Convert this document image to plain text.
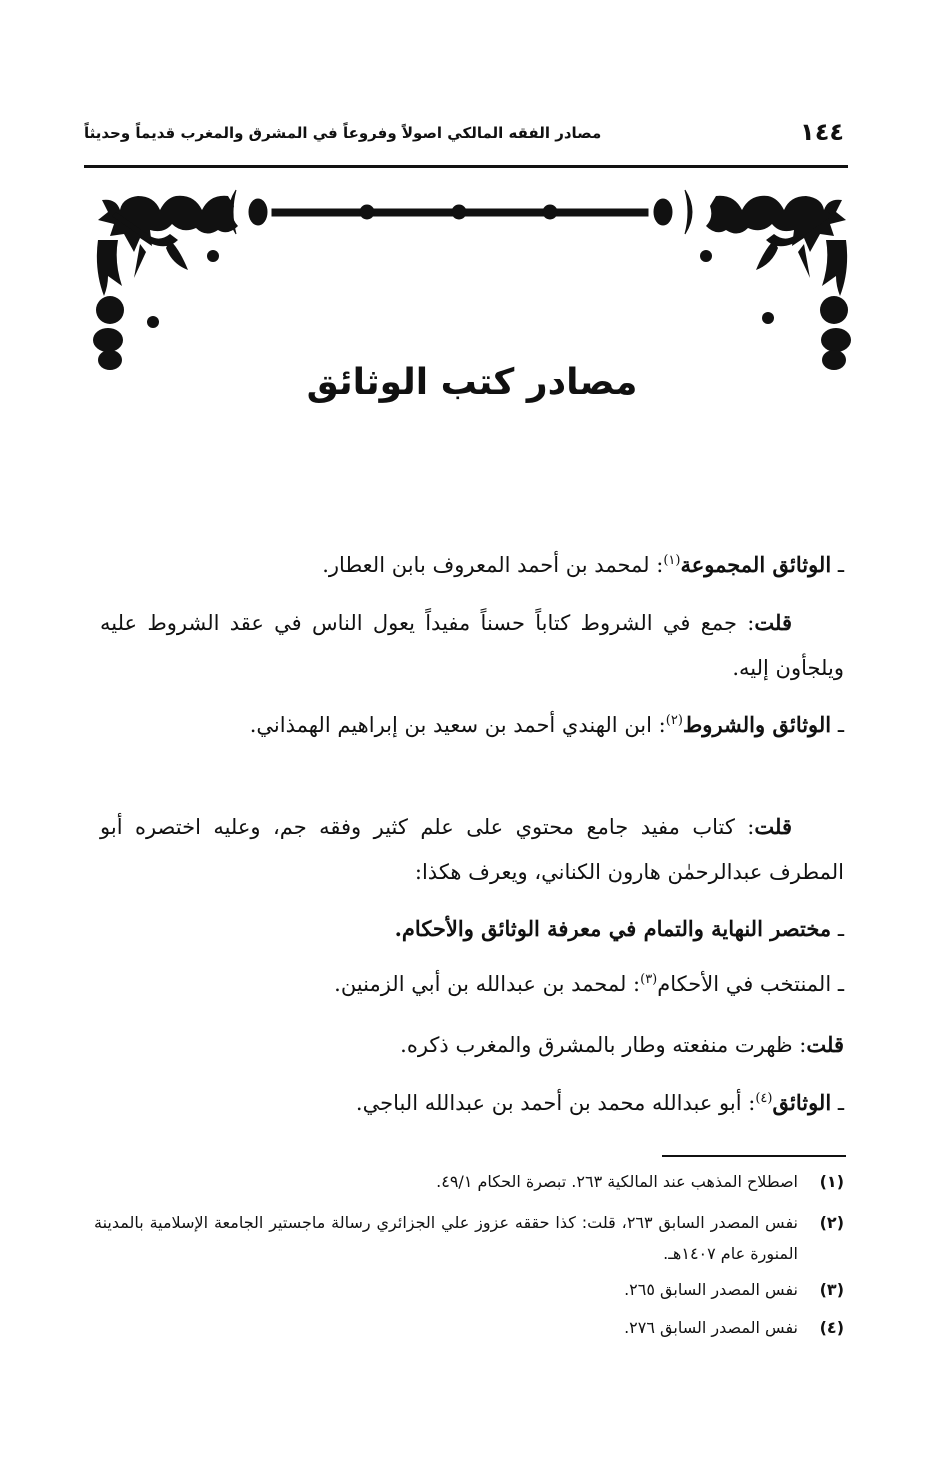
١٤٤
مصادر الفقه المالكي اصولاً وفروعاً في المشرق والمغرب قديماً وحديثاً
مصادر كتب الوثائق
ـ الوثائق المجموعة$^{(١)}$: لمحمد بن أحمد المعروف بابن العطار.
قلت: جمع في الشروط كتاباً حسناً مفيداً يعول الناس في عقد الشروط عليه ويلجأون إليه.
ـ الوثائق والشروط$^{(٢)}$: ابن الهندي أحمد بن سعيد بن إبراهيم الهمذاني.
قلت: كتاب مفيد جامع محتوي على علم كثير وفقه جم، وعليه اختصره أبو المطرف عبدالرحمٰن هارون الكناني، ويعرف هكذا:
ـ مختصر النهاية والتمام في معرفة الوثائق والأحكام.
ـ المنتخب في الأحكام$^{(٣)}$: لمحمد بن عبدالله بن أبي الزمنين.
قلت: ظهرت منفعته وطار بالمشرق والمغرب ذكره.
ـ الوثائق$^{(٤)}$: أبو عبدالله محمد بن أحمد بن عبدالله الباجي.
(١)
اصطلاح المذهب عند المالكية ٢٦٣. تبصرة الحكام ٤٩/١.
(٢)
نفس المصدر السابق ٢٦٣، قلت: كذا حققه عزوز علي الجزائري رسالة ماجستير الجامعة الإسلامية بالمدينة المنورة عام ١٤٠٧هـ.
(٣)
نفس المصدر السابق ٢٦٥.
(٤)
نفس المصدر السابق ٢٧٦.
